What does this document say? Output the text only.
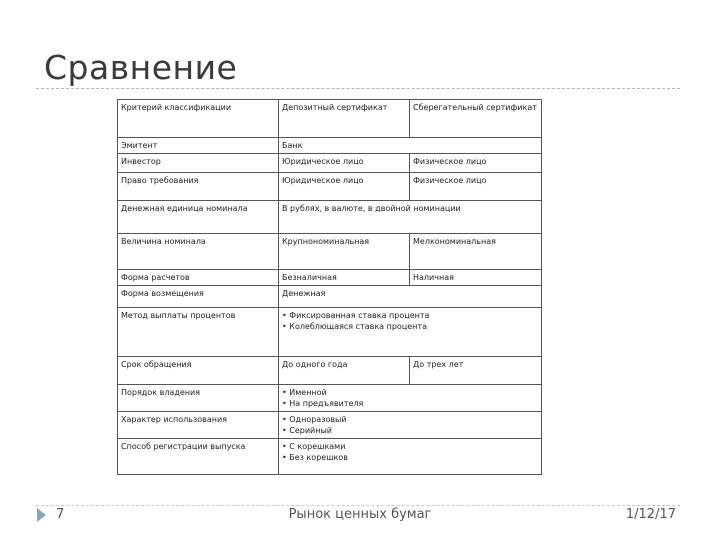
Сравнение
Критерий классификации	Депозитный сертификат	Сберегательный сертификат
Эмитент	Банк	

Инвестор	Юридическое лицо	Физическое лицо

Право требования	Юридическое лицо	Физическое лицо

Денежная единица номинала	В рублях, в валюте, в двойной номинации	

Величина номинала	Крупнономинальная	Мелкономинальная

Форма расчетов	Безналичная	Наличная

Форма возмещения	Денежная	

Метод выплаты процентов	• Фиксированная ставка процента
• Колеблющаяся ставка процента	

Срок обращения	До одного года	До трех лет

Порядок владения	• Именной
• На предъявителя	

Характер использования	• Одноразовый
• Серийный	

Способ регистрации выпуска	• С корешками
• Без корешков	
7	Рынок ценных бумаг	1/12/17
